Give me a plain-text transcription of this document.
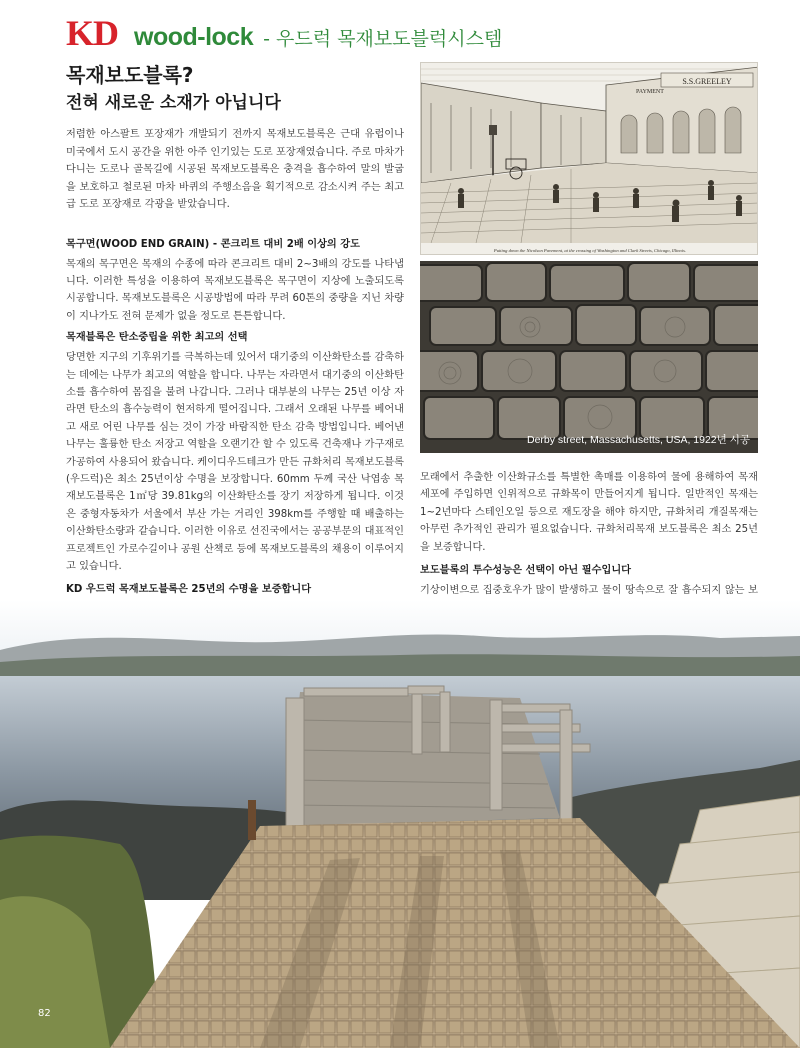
KD wood-lock - 우드럭 목재보도블럭시스템
목재보도블록?
전혀 새로운 소재가 아닙니다

저렴한 아스팔트 포장재가 개발되기 전까지 목재보도블록은 근대 유럽이나 미국에서 도시 공간을 위한 아주 인기있는 도로 포장재였습니다. 주로 마차가 다니는 도로나 골목길에 시공된 목재보도블록은 충격을 흡수하여 말의 발굽을 보호하고 철로된 마차 바퀴의 주행소음을 획기적으로 감소시켜 주는 최고급 도로 포장재로 각광을 받았습니다.

목구면(WOOD END GRAIN) - 콘크리트 대비 2배 이상의 강도

목재의 목구면은 목재의 수종에 따라 콘크리트 대비 2~3배의 강도를 나타냅니다. 이러한 특성을 이용하여 목재보도블록은 목구면이 지상에 노출되도록 시공합니다. 목재보도블록은 시공방법에 따라 무려 60톤의 중량을 지닌 차량이 지나가도 전혀 문제가 없을 정도로 튼튼합니다.

목재블록은 탄소중립을 위한 최고의 선택

당면한 지구의 기후위기를 극복하는데 있어서 대기중의 이산화탄소를 감축하는 데에는 나무가 최고의 역할을 합니다. 나무는 자라면서 대기중의 이산화탄소를 흡수하여 몸집을 불려 나갑니다. 그러나 대부분의 나무는 25년 이상 자라면 탄소의 흡수능력이 현저하게 떨어집니다. 그래서 오래된 나무를 베어내고 새로 어린 나무를 심는 것이 가장 바람직한 탄소 감축 방법입니다. 베어낸 나무는 훌륭한 탄소 저장고 역할을 오랜기간 할 수 있도록 건축재나 가구재로 가공하여 사용되어 왔습니다. 케이디우드테크가 만든 규화처리 목재보도블록(우드럭)은 최소 25년이상 수명을 보장합니다. 60mm 두께 국산 낙엽송 목재보도블록은 1㎡당 39.81kg의 이산화탄소를 장기 저장하게 됩니다. 이것은 중형자동차가 서울에서 부산 가는 거리인 398km를 주행할 때 배출하는 이산화탄소량과 같습니다. 이러한 이유로 선진국에서는 공공부문의 대표적인 프로젝트인 가로수길이나 공원 산책로 등에 목재보도블록의 채용이 이루어지고 있습니다.

KD 우드럭 목재보도블록은 25년의 수명을 보증합니다

S.S.GREELEY
PAYMENT
Putting down the Nicolson Pavement, at the crossing of Washington and Clark Streets, Chicago, Illinois.
Derby street, Massachusetts, USA, 1922년 시공

모래에서 추출한 이산화규소를 특별한 촉매를 이용하여 물에 용해하여 목재 세포에 주입하면 인위적으로 규화목이 만들어지게 됩니다. 일반적인 목재는 1~2년마다 스테인오일 등으로 재도장을 해야 하지만, 규화처리 개질목재는 아무런 추가적인 관리가 필요없습니다. 규화처리목재 보도블록은 최소 25년을 보증합니다.

보도블록의 투수성능은 선택이 아닌 필수입니다

기상이변으로 집중호우가 많이 발생하고 물이 땅속으로 잘 흡수되지 않는 보

82
